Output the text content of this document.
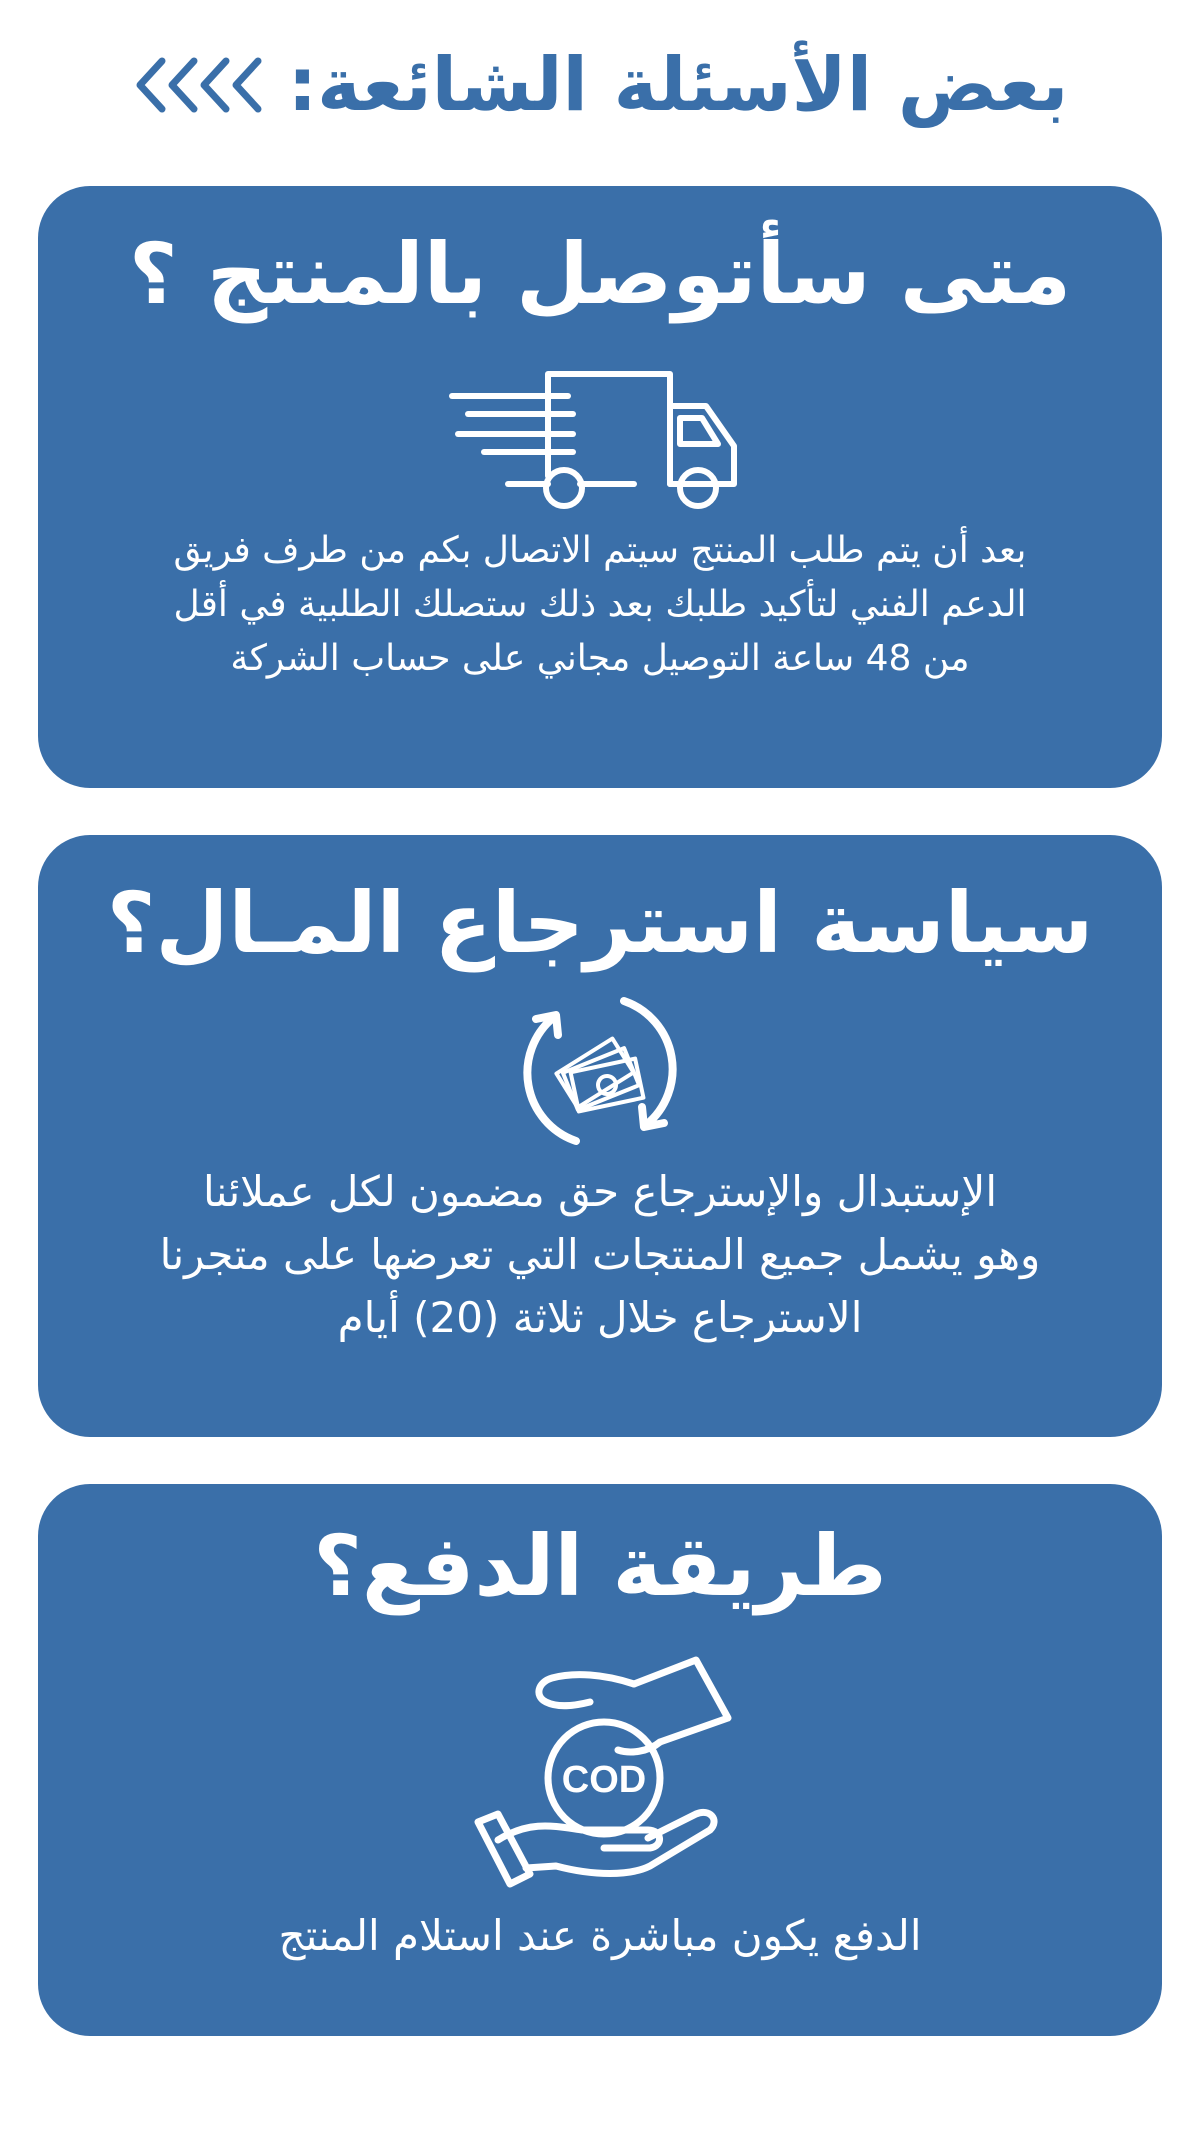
بعض الأسئلة الشائعة:
متى سأتوصل بالمنتج ؟

بعد أن يتم طلب المنتج سيتم الاتصال بكم من طرف فريق
الدعم الفني لتأكيد طلبك بعد ذلك ستصلك الطلبية في أقل
من 48 ساعة التوصيل مجاني على حساب الشركة

سياسة استرجاع المـال؟

الإستبدال والإسترجاع حق مضمون لكل عملائنا
وهو يشمل جميع المنتجات التي تعرضها على متجرنا
الاسترجاع خلال ثلاثة (20) أيام

طريقة الدفع؟
COD

الدفع يكون مباشرة عند استلام المنتج
